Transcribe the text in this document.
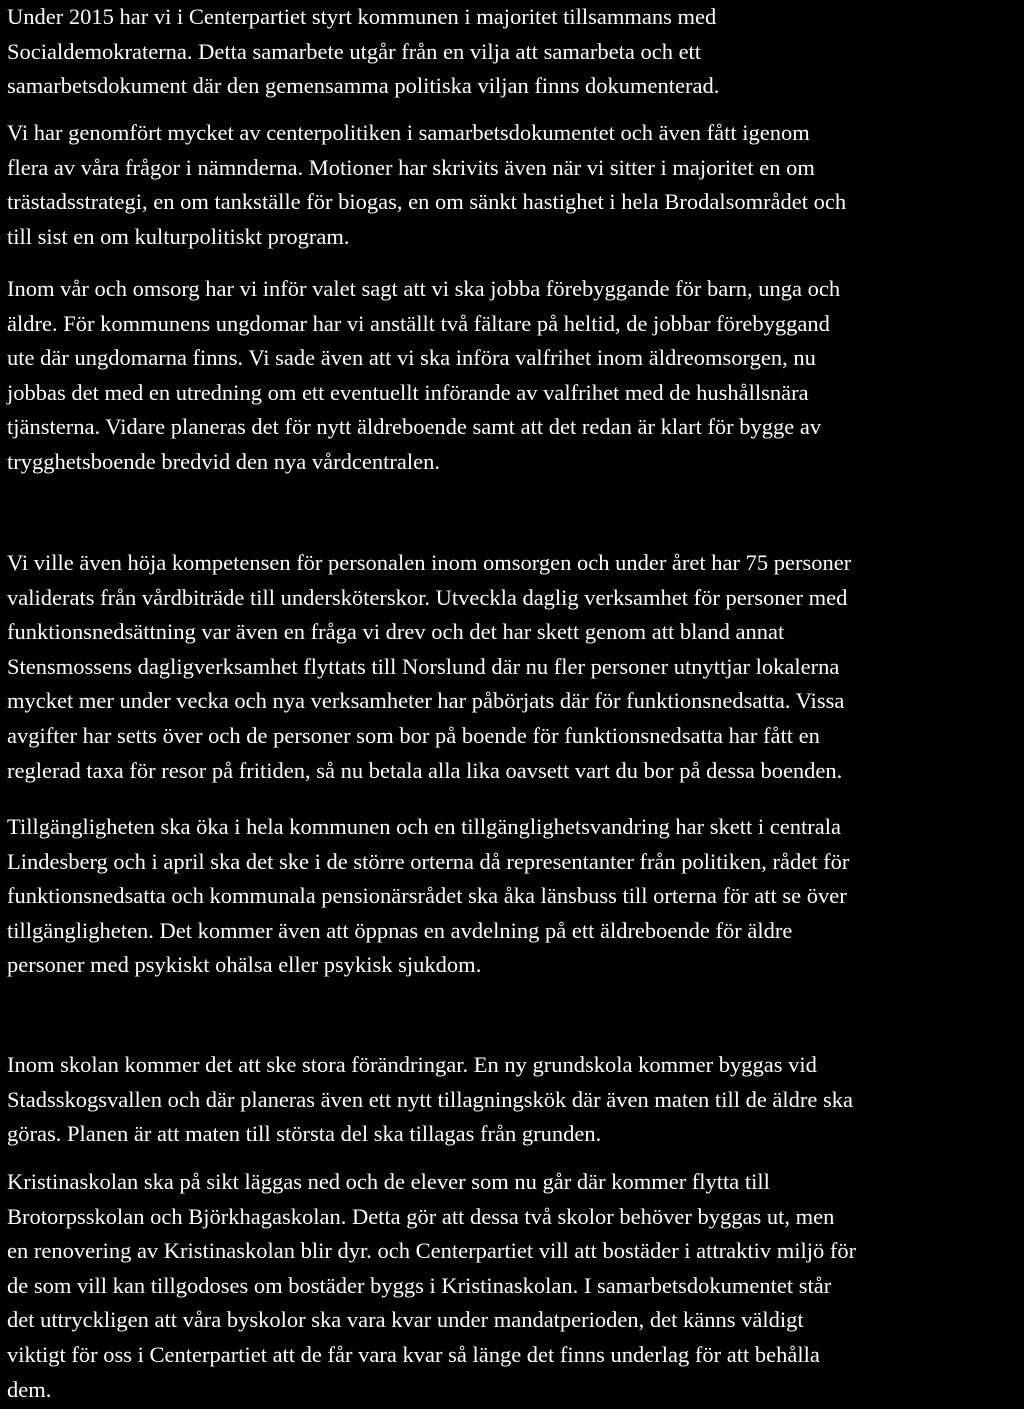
Under 2015 har vi i Centerpartiet styrt kommunen i majoritet tillsammans med
Socialdemokraterna. Detta samarbete utgår från en vilja att samarbeta och ett
samarbetsdokument där den gemensamma politiska viljan finns dokumenterad.
Vi har genomfört mycket av centerpolitiken i samarbetsdokumentet och även fått igenom
flera av våra frågor i nämnderna. Motioner har skrivits även när vi sitter i majoritet en om
trästadsstrategi, en om tankställe för biogas, en om sänkt hastighet i hela Brodalsområdet och
till sist en om kulturpolitiskt program.
Inom vår och omsorg har vi inför valet sagt att vi ska jobba förebyggande för barn, unga och
äldre. För kommunens ungdomar har vi anställt två fältare på heltid, de jobbar förebyggand
ute där ungdomarna finns. Vi sade även att vi ska införa valfrihet inom äldreomsorgen, nu
jobbas det med en utredning om ett eventuellt införande av valfrihet med de hushållsnära
tjänsterna. Vidare planeras det för nytt äldreboende samt att det redan är klart för bygge av
trygghetsboende bredvid den nya vårdcentralen.
Vi ville även höja kompetensen för personalen inom omsorgen och under året har 75 personer
validerats från vårdbiträde till undersköterskor. Utveckla daglig verksamhet för personer med
funktionsnedsättning var även en fråga vi drev och det har skett genom att bland annat
Stensmossens dagligverksamhet flyttats till Norslund där nu fler personer utnyttjar lokalerna
mycket mer under vecka och nya verksamheter har påbörjats där för funktionsnedsatta. Vissa
avgifter har setts över och de personer som bor på boende för funktionsnedsatta har fått en
reglerad taxa för resor på fritiden, så nu betala alla lika oavsett vart du bor på dessa boenden.
Tillgängligheten ska öka i hela kommunen och en tillgänglighetsvandring har skett i centrala
Lindesberg och i april ska det ske i de större orterna då representanter från politiken, rådet för
funktionsnedsatta och kommunala pensionärsrådet ska åka länsbuss till orterna för att se över
tillgängligheten. Det kommer även att öppnas en avdelning på ett äldreboende för äldre
personer med psykiskt ohälsa eller psykisk sjukdom.
Inom skolan kommer det att ske stora förändringar. En ny grundskola kommer byggas vid
Stadsskogsvallen och där planeras även ett nytt tillagningskök där även maten till de äldre ska
göras. Planen är att maten till största del ska tillagas från grunden.
Kristinaskolan ska på sikt läggas ned och de elever som nu går där kommer flytta till
Brotorpsskolan och Björkhagaskolan. Detta gör att dessa två skolor behöver byggas ut, men
en renovering av Kristinaskolan blir dyr. och Centerpartiet vill att bostäder i attraktiv miljö för
de som vill kan tillgodoses om bostäder byggs i Kristinaskolan. I samarbetsdokumentet står
det uttryckligen att våra byskolor ska vara kvar under mandatperioden, det känns väldigt
viktigt för oss i Centerpartiet att de får vara kvar så länge det finns underlag för att behålla
dem.
